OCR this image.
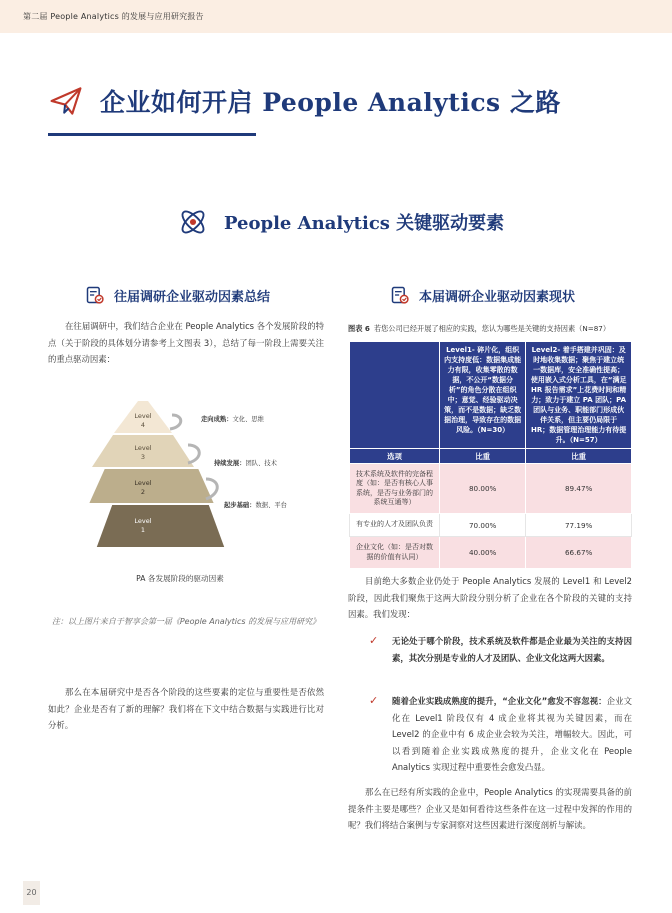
第二届 People Analytics 的发展与应用研究报告
企业如何开启 People Analytics 之路
People Analytics 关键驱动要素
往届调研企业驱动因素总结	本届调研企业驱动因素现状
在往届调研中，我们结合企业在 People Analytics 各个发展阶段的特点（关于阶段的具体划分请参考上文图表 3），总结了每一阶段上需要关注的重点驱动因素：
Level
4
Level
3
Level
2
Level
1
走向成熟：文化、思维
持续发展：团队、技术
起步基础：数据、平台
PA 各发展阶段的驱动因素
注：以上图片来自于智享会第一届《People Analytics 的发展与应用研究》
那么在本届研究中是否各个阶段的这些要素的定位与重要性是否依然如此？企业是否有了新的理解？我们将在下文中结合数据与实践进行比对分析。
图表 6 若您公司已经开展了相应的实践，您认为哪些是关键的支持因素（N=87）
	Level1- 碎片化，组织内支持度低：数据集成能力有限，收集零散的数据，不公开“数据分析”的角色分散在组织中；意觉、经验驱动决策，而不是数据；缺乏数据治理，导致存在的数据风险。（N=30）	Level2- 着手搭建并巩固：及时地收集数据；聚焦于建立统一数据库，安全准确性提高；使用嵌入式分析工具，在“满足 HR 报告需求”上花费时间和精力；致力于建立 PA 团队；PA 团队与业务、职能部门形成伙伴关系，但主要仍局限于 HR；数据管理治理能力有待提升。（N=57）
选项	比重	比重
技术系统及软件的完备程度（如：是否有核心人事系统，是否与业务部门的系统互通等）	80.00%	89.47%
有专业的人才及团队负责	70.00%	77.19%
企业文化（如：是否对数据的价值有认同）	40.00%	66.67%
目前绝大多数企业仍处于 People Analytics 发展的 Level1 和 Level2 阶段，因此我们聚焦于这两大阶段分别分析了企业在各个阶段的关键的支持因素。我们发现：
✓ 无论处于哪个阶段，技术系统及软件都是企业最为关注的支持因素，其次分别是专业的人才及团队、企业文化这两大因素。
✓ 随着企业实践成熟度的提升，“企业文化”愈发不容忽视：企业文化在 Level1 阶段仅有 4 成企业将其视为关键因素，而在 Level2 的企业中有 6 成企业会较为关注，增幅较大。因此，可以看到随着企业实践成熟度的提升，企业文化在 People Analytics 实现过程中重要性会愈发凸显。
那么在已经有所实践的企业中，People Analytics 的实现需要具备的前提条件主要是哪些？企业又是如何看待这些条件在这一过程中发挥的作用的呢？我们将结合案例与专家洞察对这些因素进行深度剖析与解读。
20
